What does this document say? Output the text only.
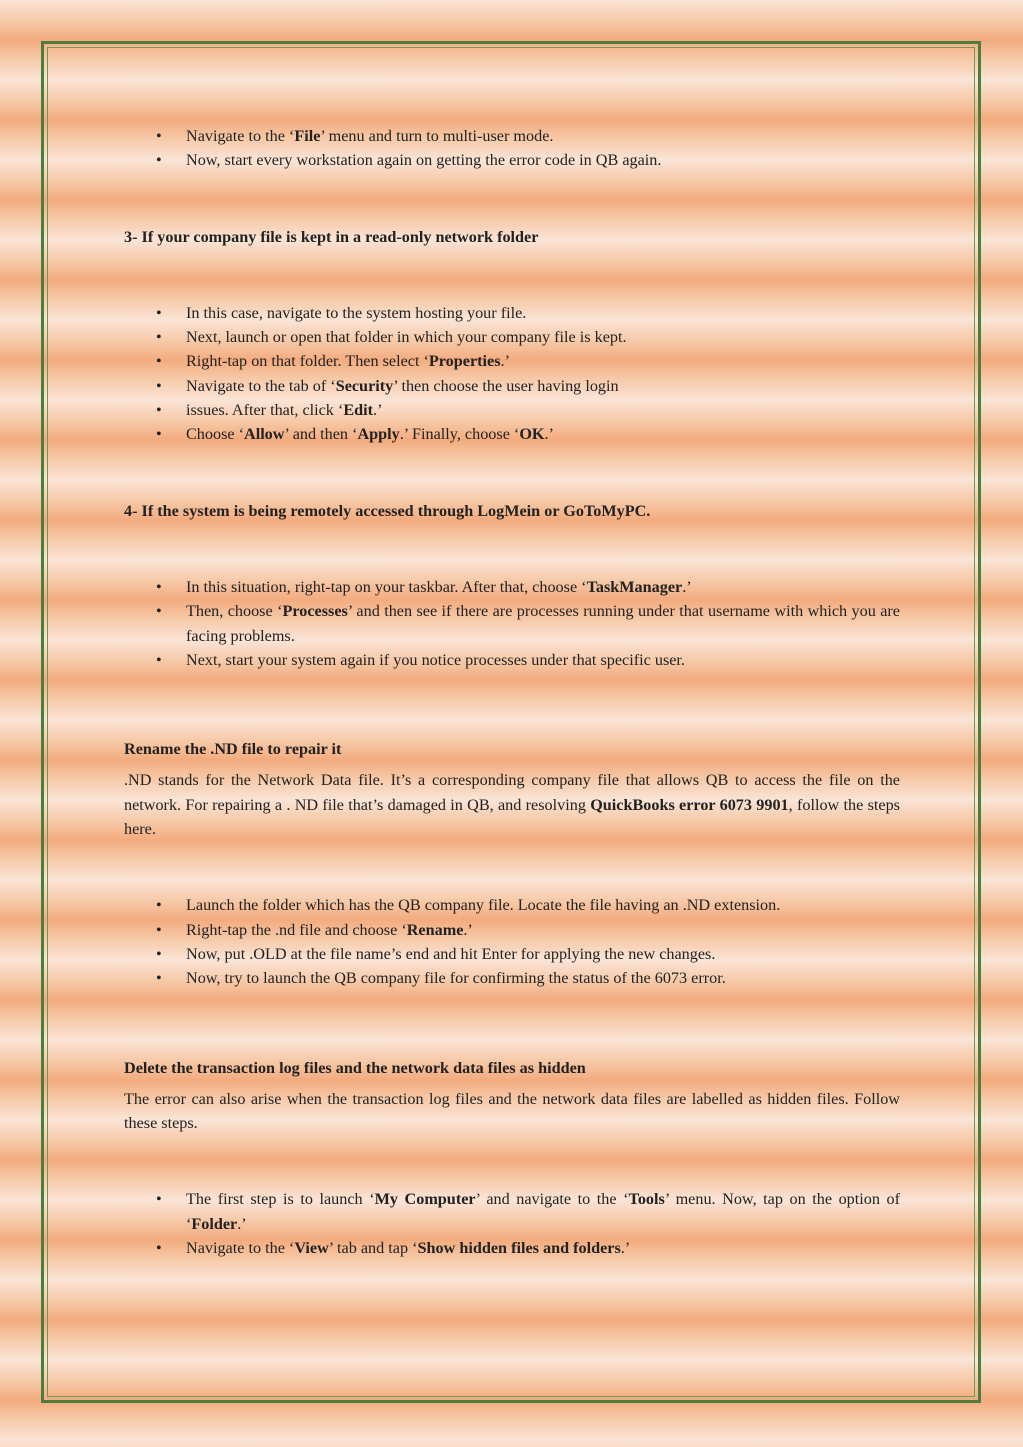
• Navigate to the ‘File’ menu and turn to multi-user mode.
• Now, start every workstation again on getting the error code in QB again.

3- If your company file is kept in a read-only network folder

• In this case, navigate to the system hosting your file.
• Next, launch or open that folder in which your company file is kept.
• Right-tap on that folder. Then select ‘Properties.’
• Navigate to the tab of ‘Security’ then choose the user having login
• issues. After that, click ‘Edit.’
• Choose ‘Allow’ and then ‘Apply.’ Finally, choose ‘OK.’

4- If the system is being remotely accessed through LogMein or GoToMyPC.

• In this situation, right-tap on your taskbar. After that, choose ‘TaskManager.’
• Then, choose ‘Processes’ and then see if there are processes running under that username with which you are facing problems.
• Next, start your system again if you notice processes under that specific user.

Rename the .ND file to repair it

.ND stands for the Network Data file. It’s a corresponding company file that allows QB to access the file on the network. For repairing a . ND file that’s damaged in QB, and resolving QuickBooks error 6073 9901, follow the steps here.

• Launch the folder which has the QB company file. Locate the file having an .ND extension.
• Right-tap the .nd file and choose ‘Rename.’
• Now, put .OLD at the file name’s end and hit Enter for applying the new changes.
• Now, try to launch the QB company file for confirming the status of the 6073 error.

Delete the transaction log files and the network data files as hidden

The error can also arise when the transaction log files and the network data files are labelled as hidden files. Follow these steps.

• The first step is to launch ‘My Computer’ and navigate to the ‘Tools’ menu. Now, tap on the option of ‘Folder.’
• Navigate to the ‘View’ tab and tap ‘Show hidden files and folders.’
